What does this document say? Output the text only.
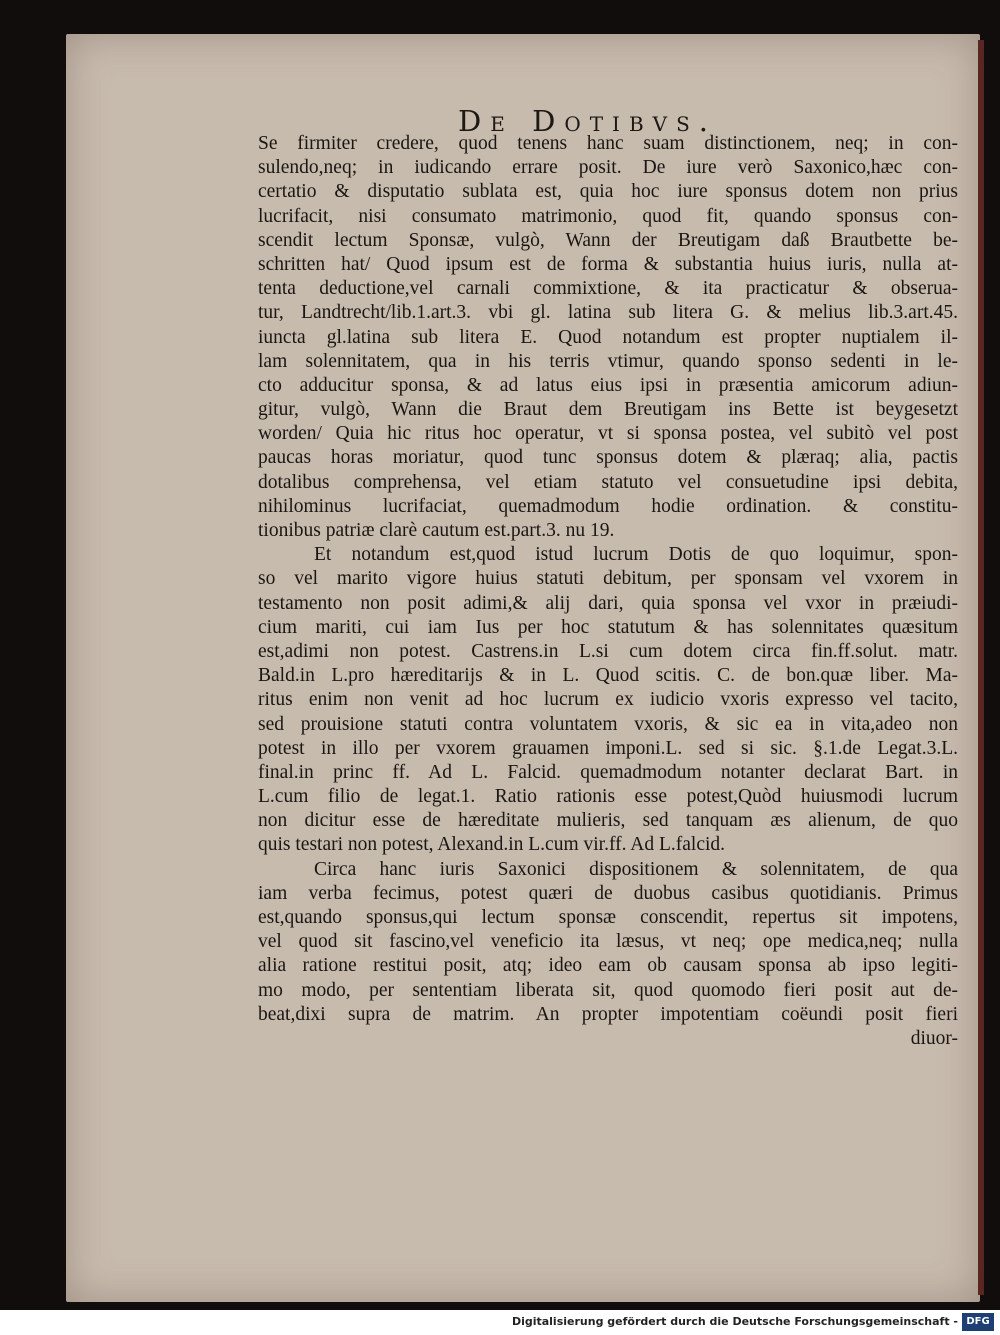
De Dotibvs.
Se firmiter credere, quod tenens hanc suam distinctionem, neq; in con-
sulendo,neq; in iudicando errare posit. De iure verò Saxonico,hæc con-
certatio & disputatio sublata est, quia hoc iure sponsus dotem non prius
lucrifacit, nisi consumato matrimonio, quod fit, quando sponsus con-
scendit lectum Sponsæ, vulgò, Wann der Breutigam daß Brautbette be-
schritten hat/ Quod ipsum est de forma & substantia huius iuris, nulla at-
tenta deductione,vel carnali commixtione, & ita practicatur & obserua-
tur, Landtrecht/lib.1.art.3. vbi gl. latina sub litera G. & melius lib.3.art.45.
iuncta gl.latina sub litera E. Quod notandum est propter nuptialem il-
lam solennitatem, qua in his terris vtimur, quando sponso sedenti in le-
cto adducitur sponsa, & ad latus eius ipsi in præsentia amicorum adiun-
gitur, vulgò, Wann die Braut dem Breutigam ins Bette ist beygesetzt
worden/ Quia hic ritus hoc operatur, vt si sponsa postea, vel subitò vel post
paucas horas moriatur, quod tunc sponsus dotem & plæraq; alia, pactis
dotalibus comprehensa, vel etiam statuto vel consuetudine ipsi debita,
nihilominus lucrifaciat, quemadmodum hodie ordination. & constitu-
tionibus patriæ clarè cautum est.part.3. nu 19.
Et notandum est,quod istud lucrum Dotis de quo loquimur, spon-
so vel marito vigore huius statuti debitum, per sponsam vel vxorem in
testamento non posit adimi,& alij dari, quia sponsa vel vxor in præiudi-
cium mariti, cui iam Ius per hoc statutum & has solennitates quæsitum
est,adimi non potest. Castrens.in L.si cum dotem circa fin.ff.solut. matr.
Bald.in L.pro hæreditarijs & in L. Quod scitis. C. de bon.quæ liber. Ma-
ritus enim non venit ad hoc lucrum ex iudicio vxoris expresso vel tacito,
sed prouisione statuti contra voluntatem vxoris, & sic ea in vita,adeo non
potest in illo per vxorem grauamen imponi.L. sed si sic. §.1.de Legat.3.L.
final.in princ ff. Ad L. Falcid. quemadmodum notanter declarat Bart. in
L.cum filio de legat.1. Ratio rationis esse potest,Quòd huiusmodi lucrum
non dicitur esse de hæreditate mulieris, sed tanquam æs alienum, de quo
quis testari non potest, Alexand.in L.cum vir.ff. Ad L.falcid.
Circa hanc iuris Saxonici dispositionem & solennitatem, de qua
iam verba fecimus, potest quæri de duobus casibus quotidianis. Primus
est,quando sponsus,qui lectum sponsæ conscendit, repertus sit impotens,
vel quod sit fascino,vel veneficio ita læsus, vt neq; ope medica,neq; nulla
alia ratione restitui posit, atq; ideo eam ob causam sponsa ab ipso legiti-
mo modo, per sententiam liberata sit, quod quomodo fieri posit aut de-
beat,dixi supra de matrim. An propter impotentiam coëundi posit fieri
diuor-
Digitalisierung gefördert durch die Deutsche Forschungsgemeinschaft - DFG
